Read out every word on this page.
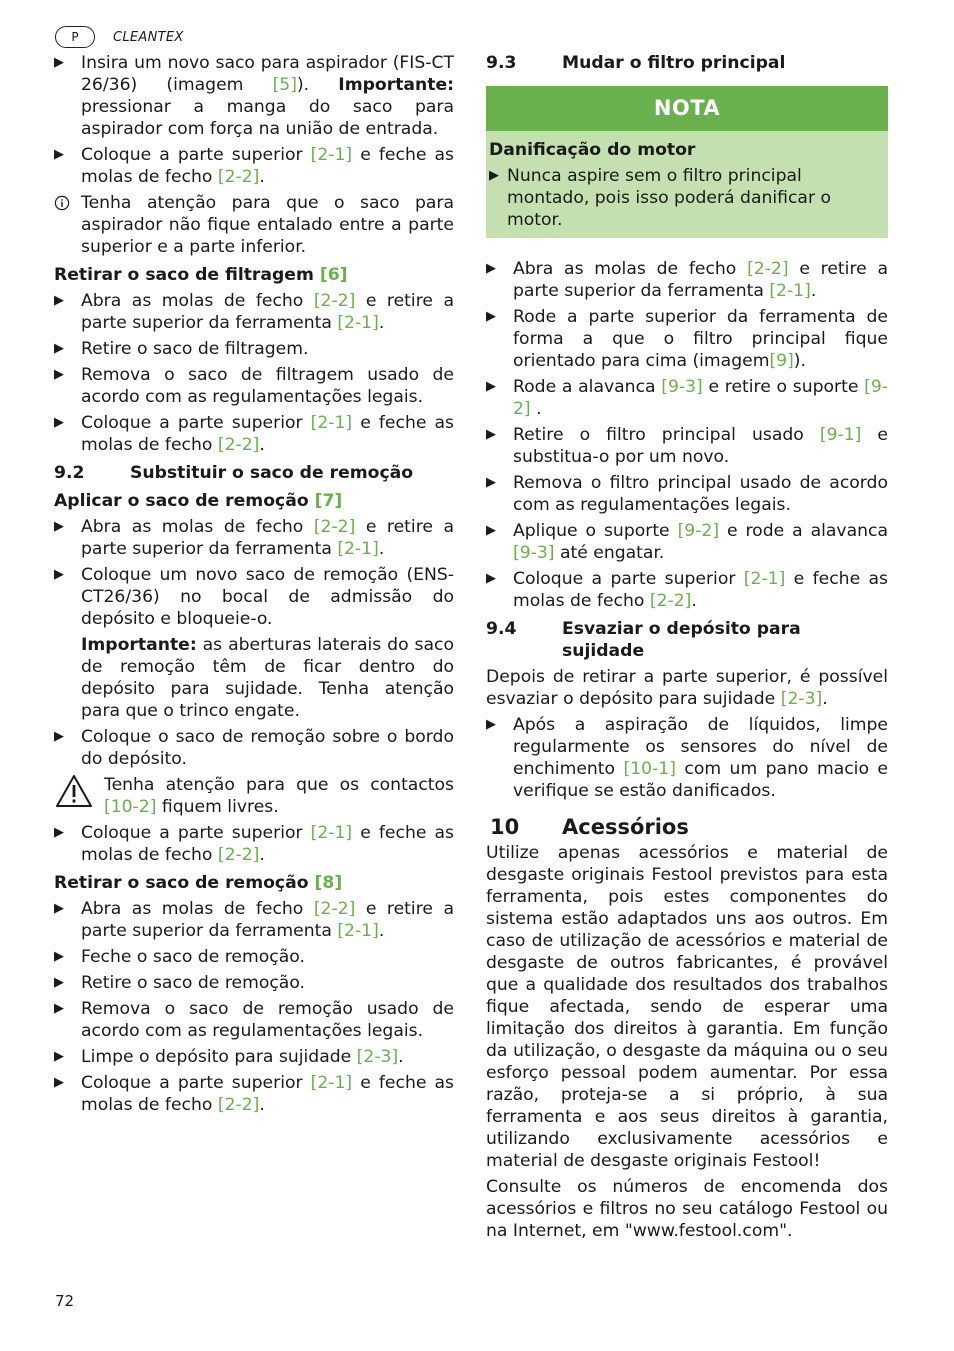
P	CLEANTEX
▶ Insira um novo saco para aspirador (FIS-CT 26/36) (imagem [5]). Importante: pressionar a manga do saco para aspirador com força na união de entrada.
▶ Coloque a parte superior [2-1] e feche as molas de fecho [2-2].
Tenha atenção para que o saco para aspirador não fique entalado entre a parte superior e a parte inferior.
Retirar o saco de filtragem [6]
▶ Abra as molas de fecho [2-2] e retire a parte superior da ferramenta [2-1].
▶ Retire o saco de filtragem.
▶ Remova o saco de filtragem usado de acordo com as regulamentações legais.
▶ Coloque a parte superior [2-1] e feche as molas de fecho [2-2].
9.2	Substituir o saco de remoção
Aplicar o saco de remoção [7]
▶ Abra as molas de fecho [2-2] e retire a parte superior da ferramenta [2-1].
▶ Coloque um novo saco de remoção (ENS-CT26/36) no bocal de admissão do depósito e bloqueie-o.
Importante: as aberturas laterais do saco de remoção têm de ficar dentro do depósito para sujidade. Tenha atenção para que o trinco engate.
▶ Coloque o saco de remoção sobre o bordo do depósito.
Tenha atenção para que os contactos [10-2] fiquem livres.
▶ Coloque a parte superior [2-1] e feche as molas de fecho [2-2].
Retirar o saco de remoção [8]
▶ Abra as molas de fecho [2-2] e retire a parte superior da ferramenta [2-1].
▶ Feche o saco de remoção.
▶ Retire o saco de remoção.
▶ Remova o saco de remoção usado de acordo com as regulamentações legais.
▶ Limpe o depósito para sujidade [2-3].
▶ Coloque a parte superior [2-1] e feche as molas de fecho [2-2].
9.3	Mudar o filtro principal
NOTA
Danificação do motor
▶ Nunca aspire sem o filtro principal montado, pois isso poderá danificar o motor.
▶ Abra as molas de fecho [2-2] e retire a parte superior da ferramenta [2-1].
▶ Rode a parte superior da ferramenta de forma a que o filtro principal fique orientado para cima (imagem[9]).
▶ Rode a alavanca [9-3] e retire o suporte [9-2] .
▶ Retire o filtro principal usado [9-1] e substitua-o por um novo.
▶ Remova o filtro principal usado de acordo com as regulamentações legais.
▶ Aplique o suporte [9-2] e rode a alavanca [9-3] até engatar.
▶ Coloque a parte superior [2-1] e feche as molas de fecho [2-2].
9.4	Esvaziar o depósito para sujidade
Depois de retirar a parte superior, é possível esvaziar o depósito para sujidade [2-3].
▶ Após a aspiração de líquidos, limpe regularmente os sensores do nível de enchimento [10-1] com um pano macio e verifique se estão danificados.
10	Acessórios
Utilize apenas acessórios e material de desgaste originais Festool previstos para esta ferramenta, pois estes componentes do sistema estão adaptados uns aos outros. Em caso de utilização de acessórios e material de desgaste de outros fabricantes, é provável que a qualidade dos resultados dos trabalhos fique afectada, sendo de esperar uma limitação dos direitos à garantia. Em função da utilização, o desgaste da máquina ou o seu esforço pessoal podem aumentar. Por essa razão, proteja-se a si próprio, à sua ferramenta e aos seus direitos à garantia, utilizando exclusivamente acessórios e material de desgaste originais Festool!
Consulte os números de encomenda dos acessórios e filtros no seu catálogo Festool ou na Internet, em "www.festool.com".
72
